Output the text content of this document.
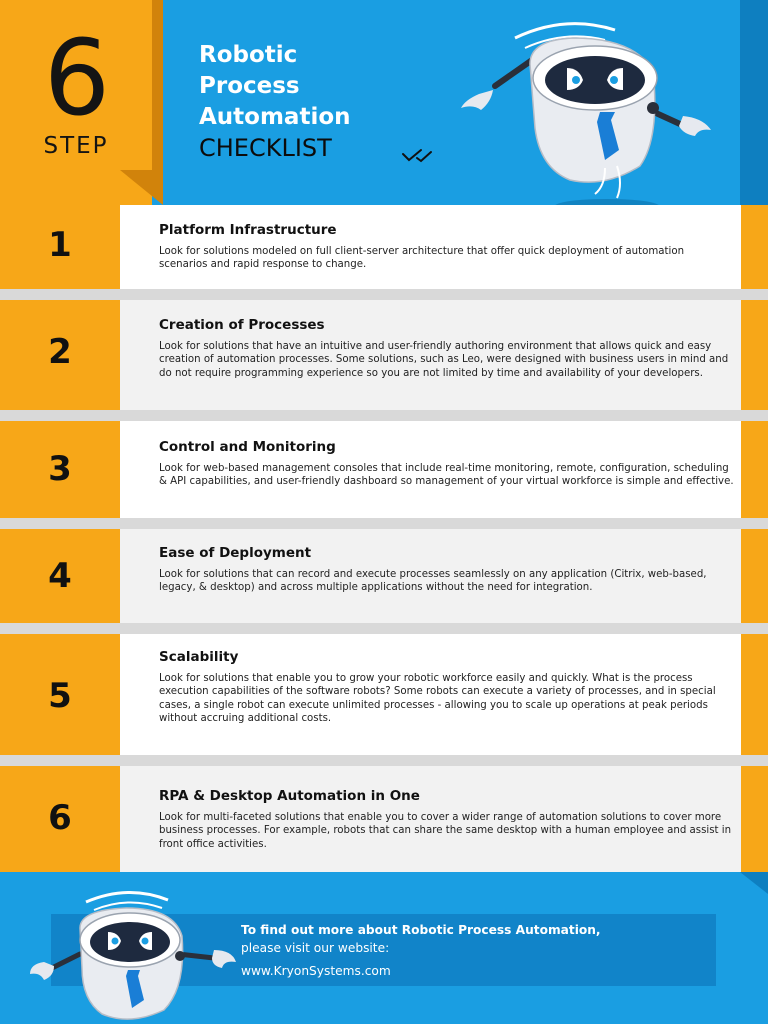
6
STEP
Robotic
Process
Automation
CHECKLIST
1	Platform Infrastructure
Look for solutions modeled on full client-server architecture that offer quick deployment of automation scenarios and rapid response to change.
2
Creation of Processes
Look for solutions that have an intuitive and user-friendly authoring environment that allows quick and easy creation of automation processes. Some solutions, such as Leo, were designed with business users in mind and do not require programming experience so you are not limited by time and availability of your developers.
3
Control and Monitoring
Look for web-based management consoles that include real-time monitoring, remote, configuration, scheduling & API capabilities, and user-friendly dashboard so management of your virtual workforce is simple and effective.
4
Ease of Deployment
Look for solutions that can record and execute processes seamlessly on any application (Citrix, web-based, legacy, & desktop) and across multiple applications without the need for integration.
5
Scalability
Look for solutions that enable you to grow your robotic workforce easily and quickly. What is the process execution capabilities of the software robots? Some robots can execute a variety of processes, and in special cases, a single robot can execute unlimited processes - allowing you to scale up operations at peak periods without accruing additional costs.
6
RPA & Desktop Automation in One
Look for multi-faceted solutions that enable you to cover a wider range of automation solutions to cover more business processes. For example, robots that can share the same desktop with a human employee and assist in front office activities.
To find out more about Robotic Process Automation,
please visit our website:
www.KryonSystems.com
